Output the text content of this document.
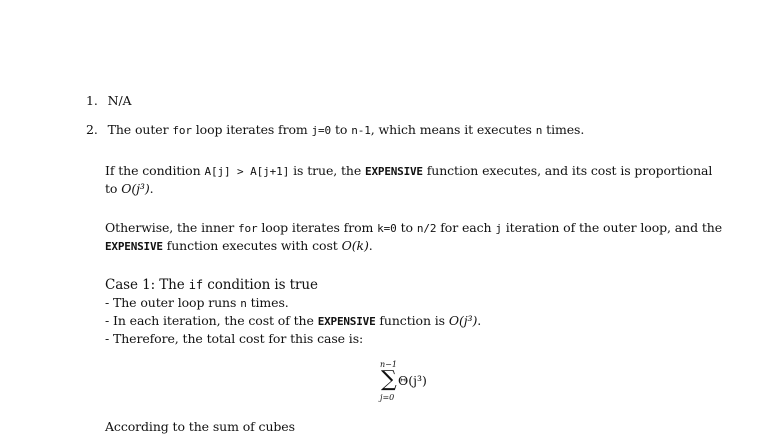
1. N/A
2. The outer for loop iterates from j=0 to n-1, which means it executes n times.
If the condition A[j] > A[j+1] is true, the EXPENSIVE function executes, and its cost is proportional
to O(j³).
Otherwise, the inner for loop iterates from k=0 to n/2 for each j iteration of the outer loop, and the
EXPENSIVE function executes with cost O(k).
Case 1: The if condition is true
- The outer loop runs n times.
- In each iteration, the cost of the EXPENSIVE function is O(j³).
- Therefore, the total cost for this case is:
n−1
∑
j=0
Θ(j³)
According to the sum of cubes
